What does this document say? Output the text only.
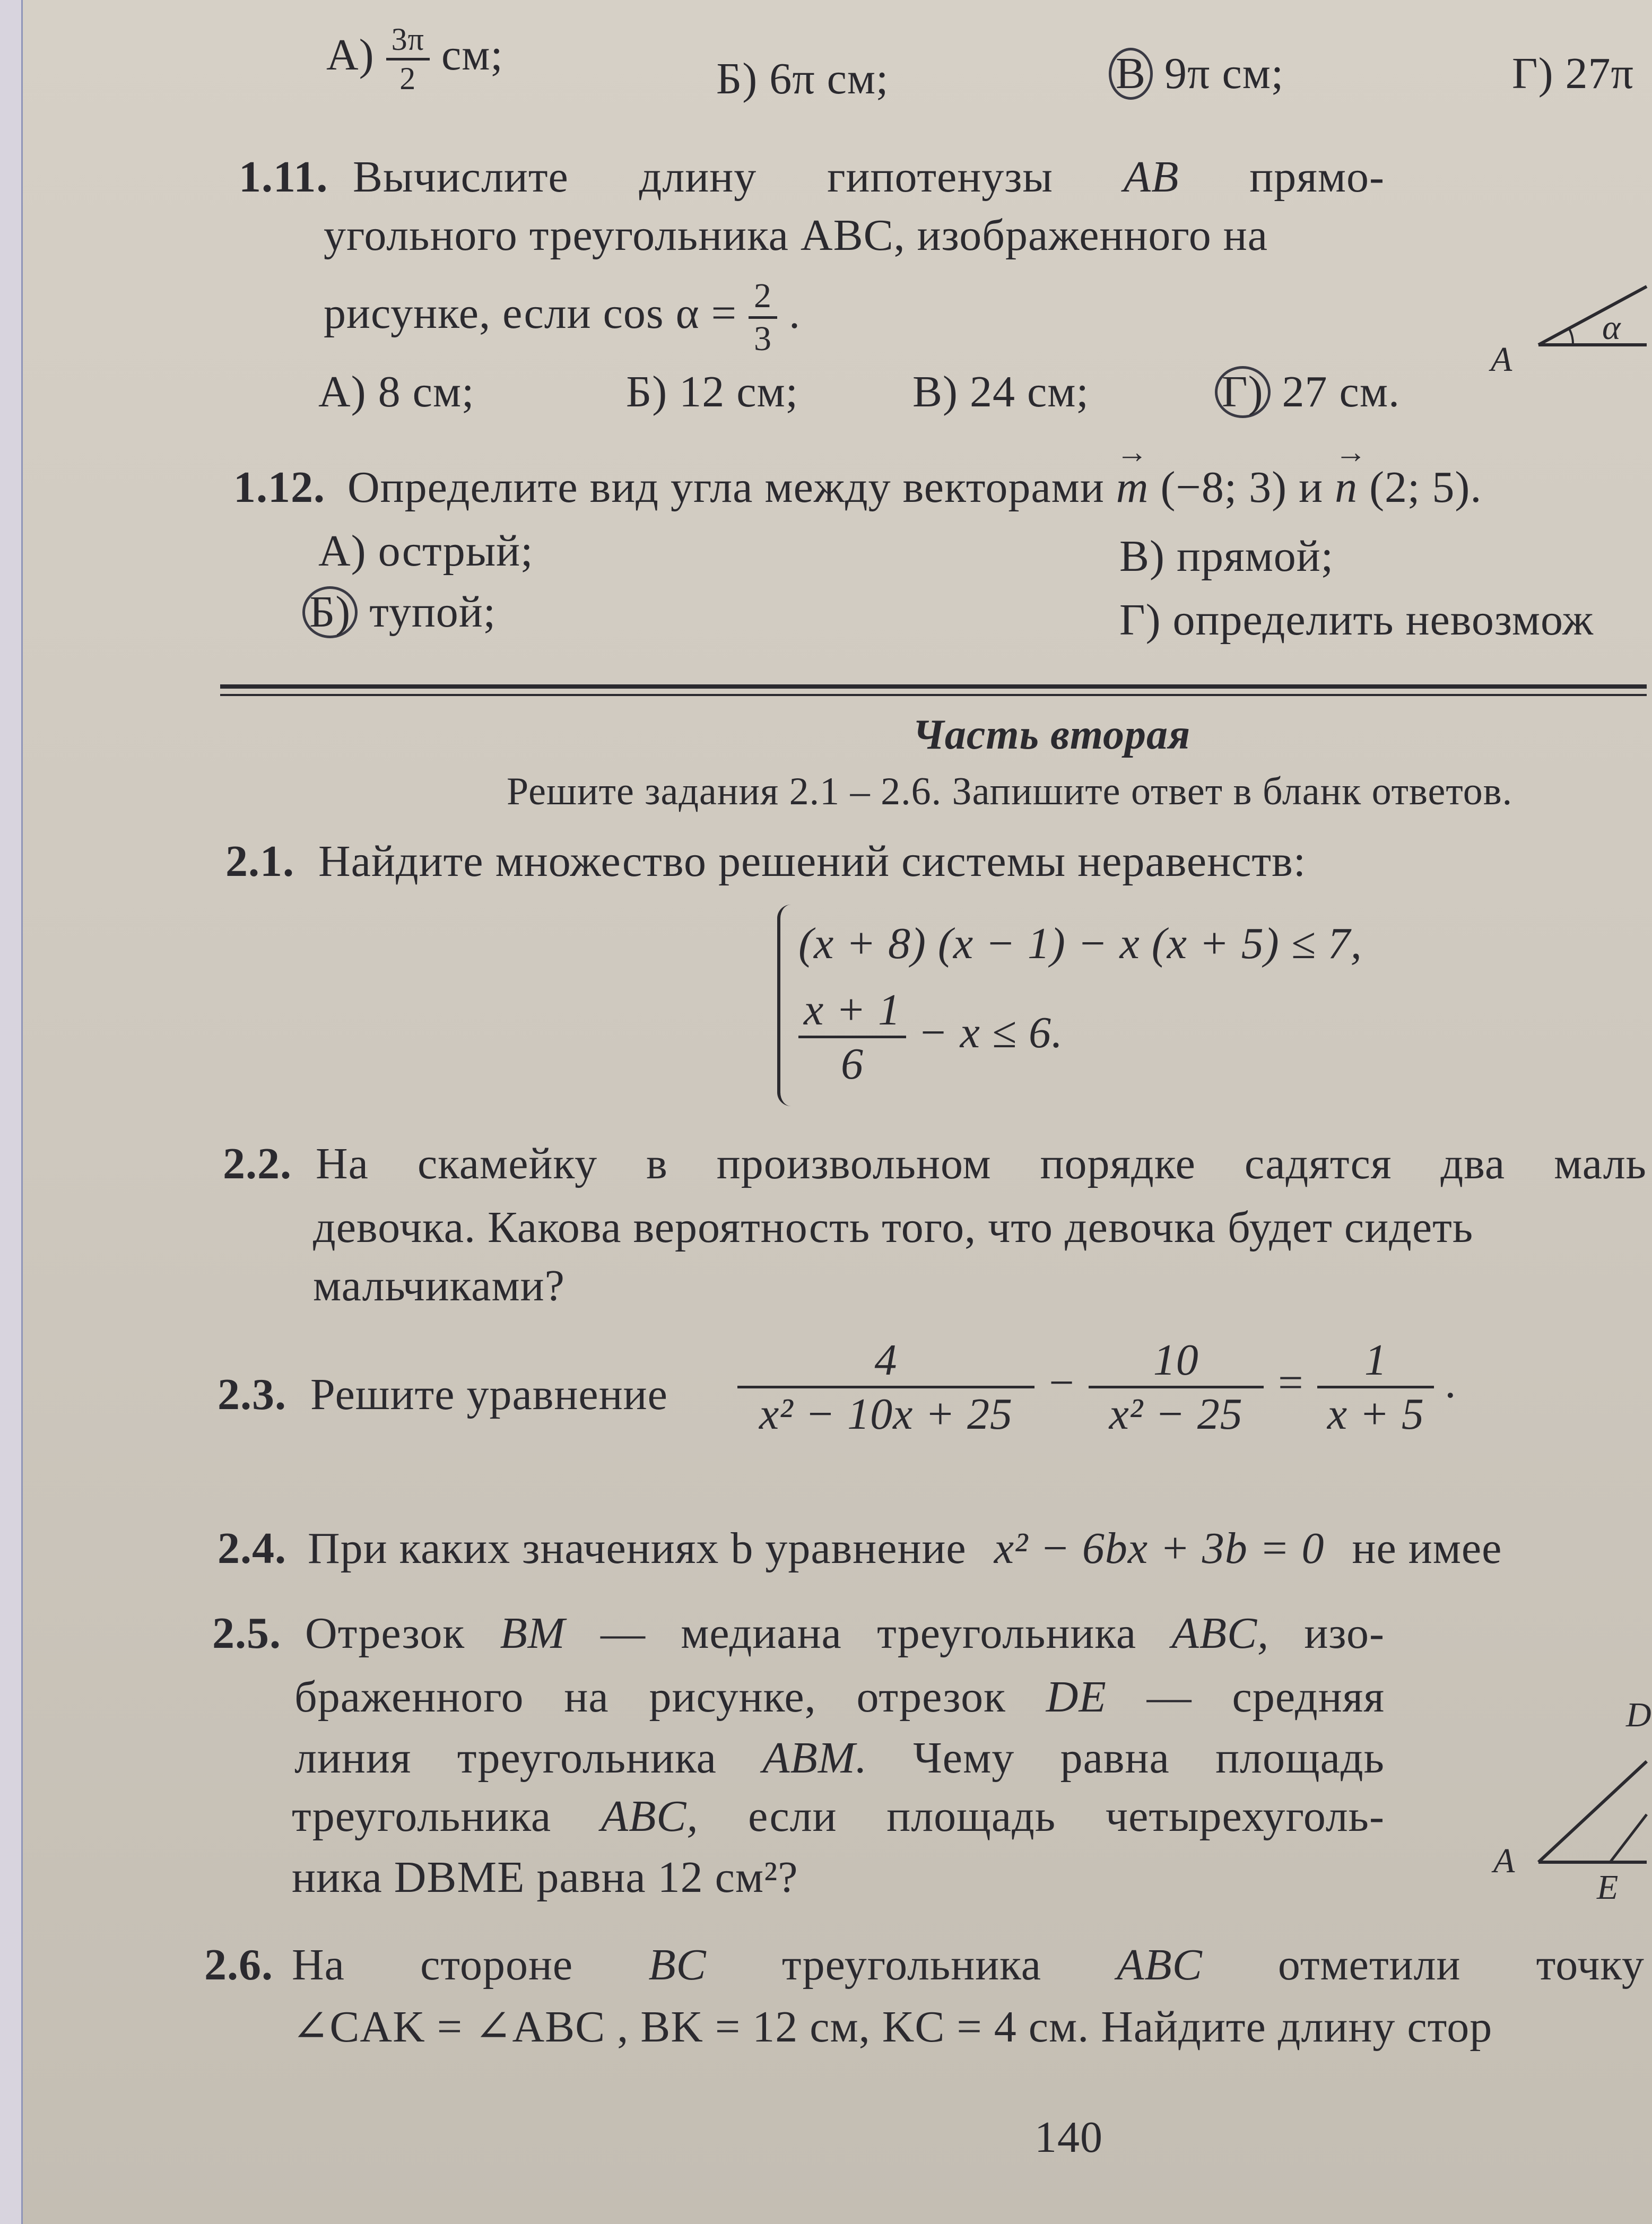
$А) \frac{3\pi}{2}$ см;	Б) 6π см;	В 9π см;	Г) 27π
1.11. Вычислите длину гипотенузы AB прямо-
угольного треугольника ABC, изображенного на
рисунке, если $\cos \alpha = \frac{2}{3}$ .
А) 8 см;	Б) 12 см;	В) 24 см;	Г) 27 см.
A
α
1.12. Определите вид угла между векторами → m (−8; 3) и → n (2; 5).
А) острый;
Б) тупой;
В) прямой;
Г) определить невозмож
Часть вторая
Решите задания 2.1 – 2.6. Запишите ответ в бланк ответов.
2.1. Найдите множество решений системы неравенств:
(x + 8) (x − 1) − x (x + 5) ≤ 7,
$\frac{x + 1}{6} - x \le 6$.
2.2. На скамейку в произвольном порядке садятся два маль
девочка. Какова вероятность того, что девочка будет сидеть
мальчиками?
2.3. Решите уравнение $\frac{4}{\text{x² − 10x + 25}} - \frac{10}{\text{x² − 25}} = \frac{1}{x + 5}$ .
2.4. При каких значениях b уравнение x² − 6bx + 3b = 0 не имее
2.5. Отрезок BM — медиана треугольника ABC, изо-
браженного на рисунке, отрезок DE — средняя
линия треугольника ABM. Чему равна площадь
треугольника ABC, если площадь четырехуголь-
ника DBME равна 12 см²?	A
E
D
2.6. На стороне BC треугольника ABC отметили точку
∠CAK = ∠ABC , BK = 12 см, KC = 4 см. Найдите длину стор
140
